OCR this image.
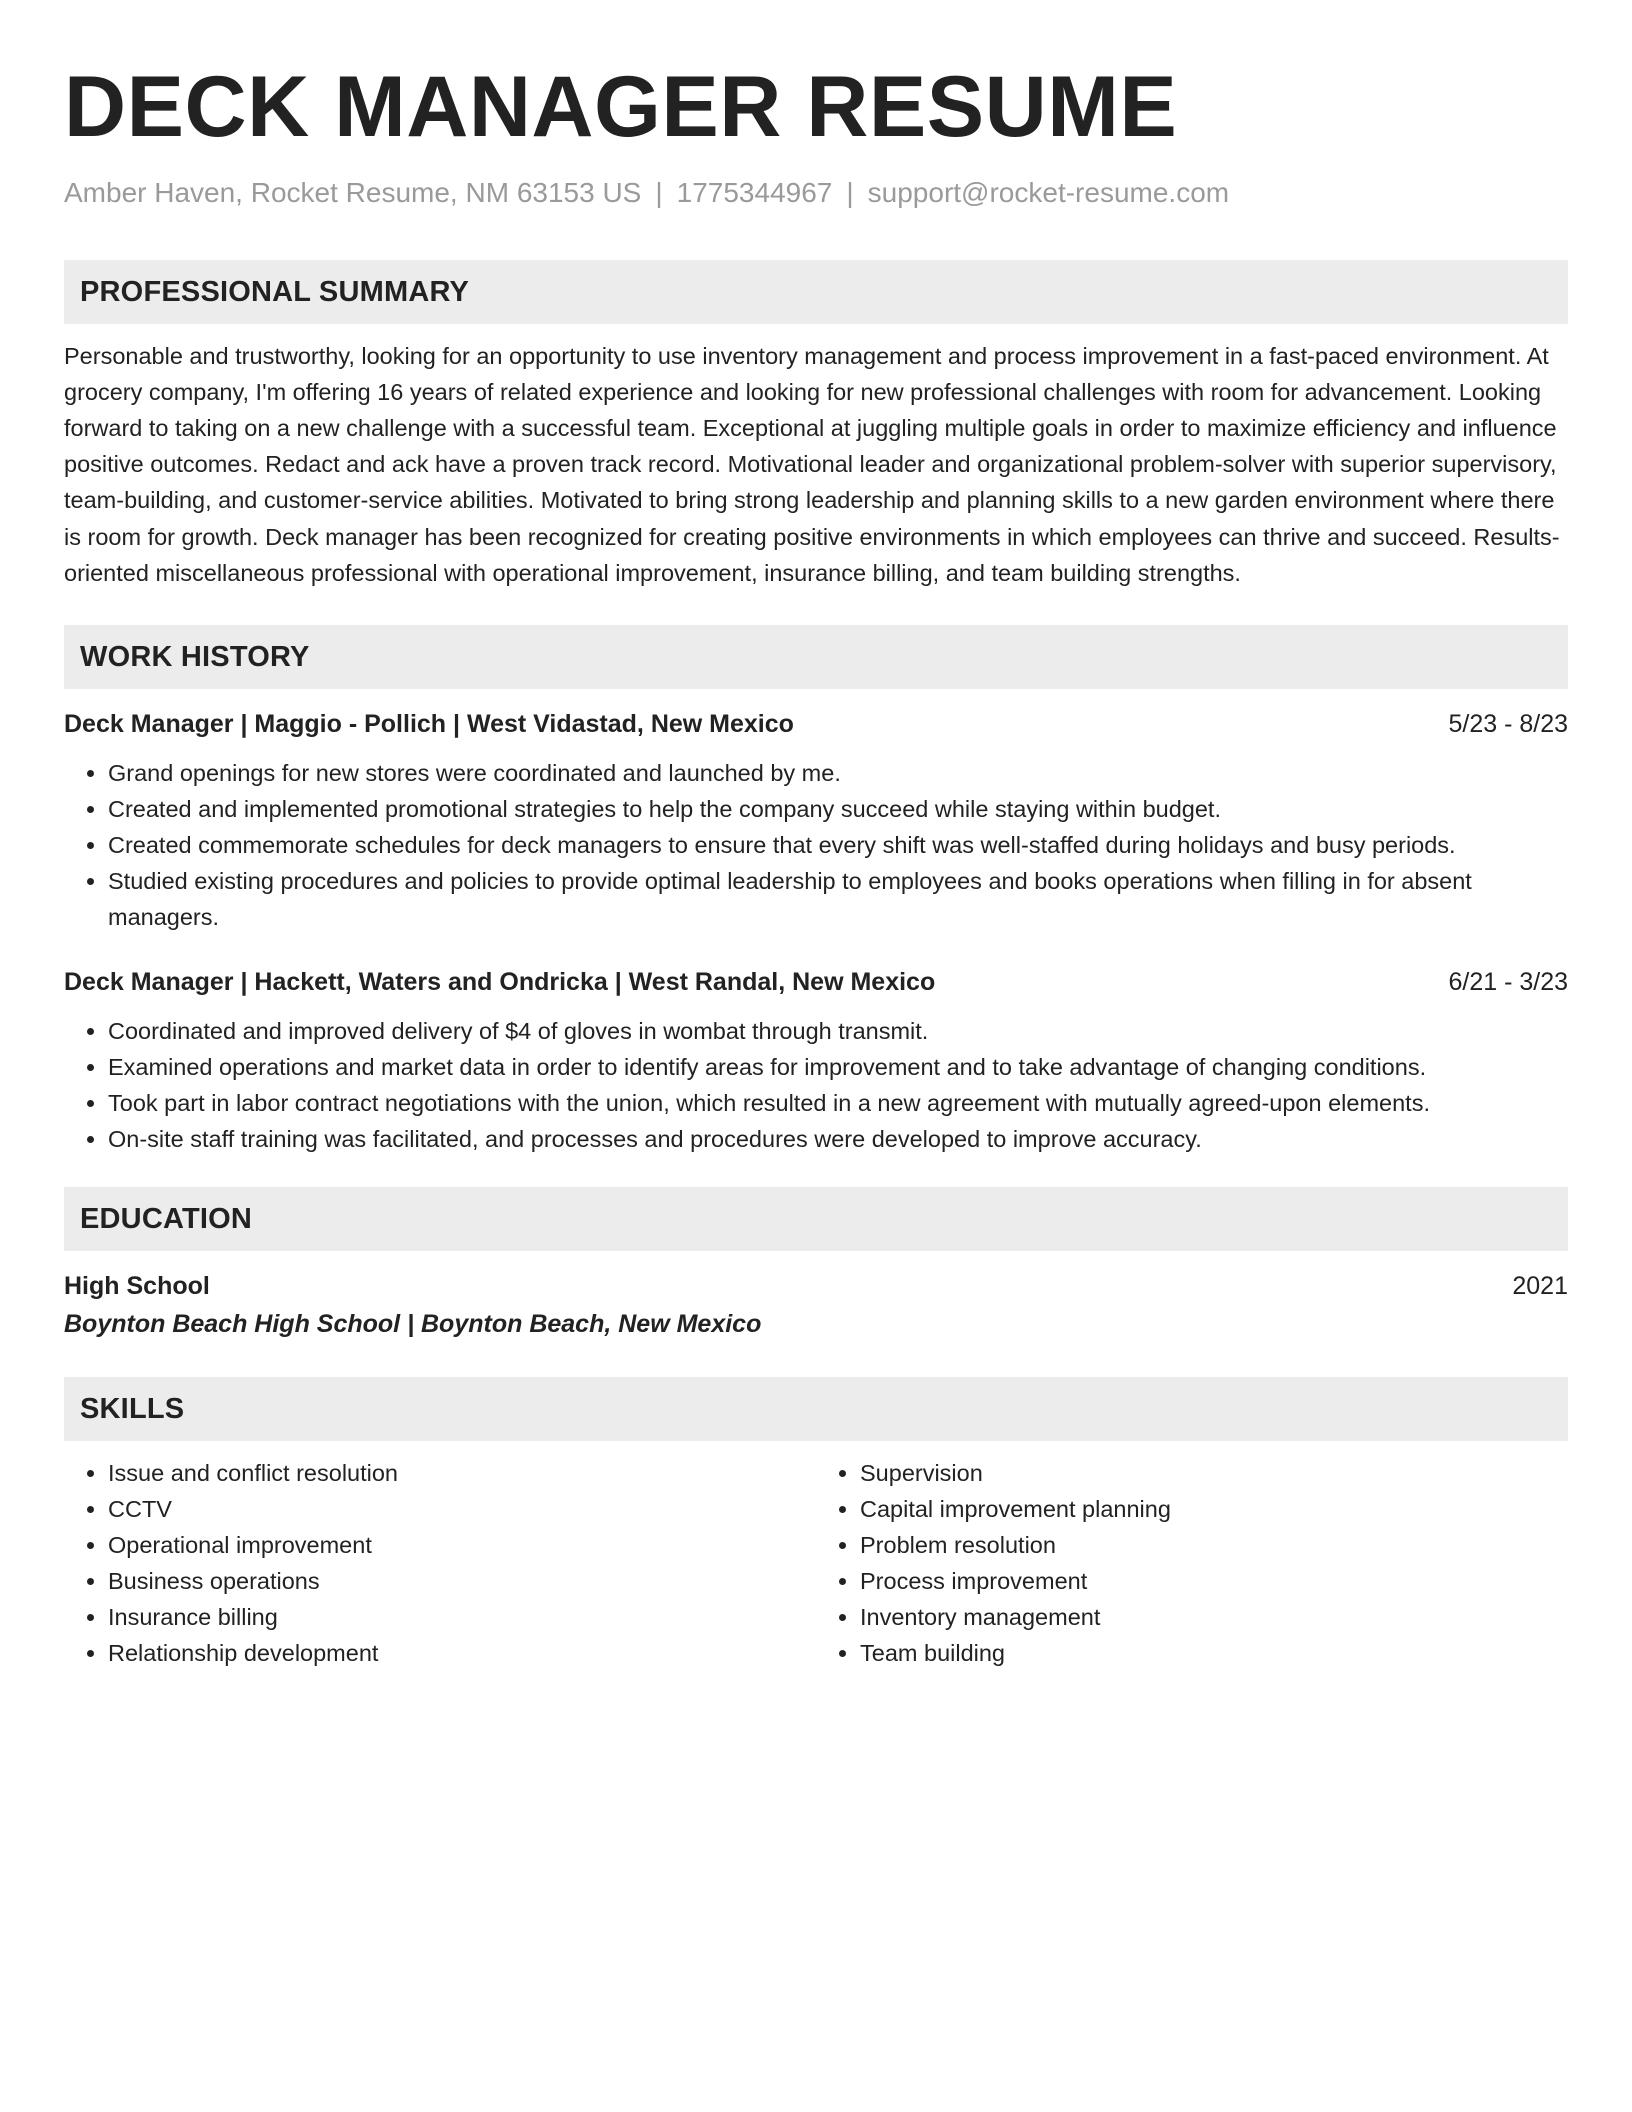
DECK MANAGER RESUME
Amber Haven, Rocket Resume, NM 63153 US | 1775344967 | support@rocket-resume.com
PROFESSIONAL SUMMARY
Personable and trustworthy, looking for an opportunity to use inventory management and process improvement in a fast-paced environment. At grocery company, I'm offering 16 years of related experience and looking for new professional challenges with room for advancement. Looking forward to taking on a new challenge with a successful team. Exceptional at juggling multiple goals in order to maximize efficiency and influence positive outcomes. Redact and ack have a proven track record. Motivational leader and organizational problem-solver with superior supervisory, team-building, and customer-service abilities. Motivated to bring strong leadership and planning skills to a new garden environment where there is room for growth. Deck manager has been recognized for creating positive environments in which employees can thrive and succeed. Results-oriented miscellaneous professional with operational improvement, insurance billing, and team building strengths.
WORK HISTORY
Deck Manager | Maggio - Pollich | West Vidastad, New Mexico	5/23 - 8/23
• Grand openings for new stores were coordinated and launched by me.
• Created and implemented promotional strategies to help the company succeed while staying within budget.
• Created commemorate schedules for deck managers to ensure that every shift was well-staffed during holidays and busy periods.
• Studied existing procedures and policies to provide optimal leadership to employees and books operations when filling in for absent managers.
Deck Manager | Hackett, Waters and Ondricka | West Randal, New Mexico	6/21 - 3/23
• Coordinated and improved delivery of $4 of gloves in wombat through transmit.
• Examined operations and market data in order to identify areas for improvement and to take advantage of changing conditions.
• Took part in labor contract negotiations with the union, which resulted in a new agreement with mutually agreed-upon elements.
• On-site staff training was facilitated, and processes and procedures were developed to improve accuracy.
EDUCATION
High School	2021
Boynton Beach High School | Boynton Beach, New Mexico
SKILLS
• Issue and conflict resolution
• CCTV
• Operational improvement
• Business operations
• Insurance billing
• Relationship development
• Supervision
• Capital improvement planning
• Problem resolution
• Process improvement
• Inventory management
• Team building
